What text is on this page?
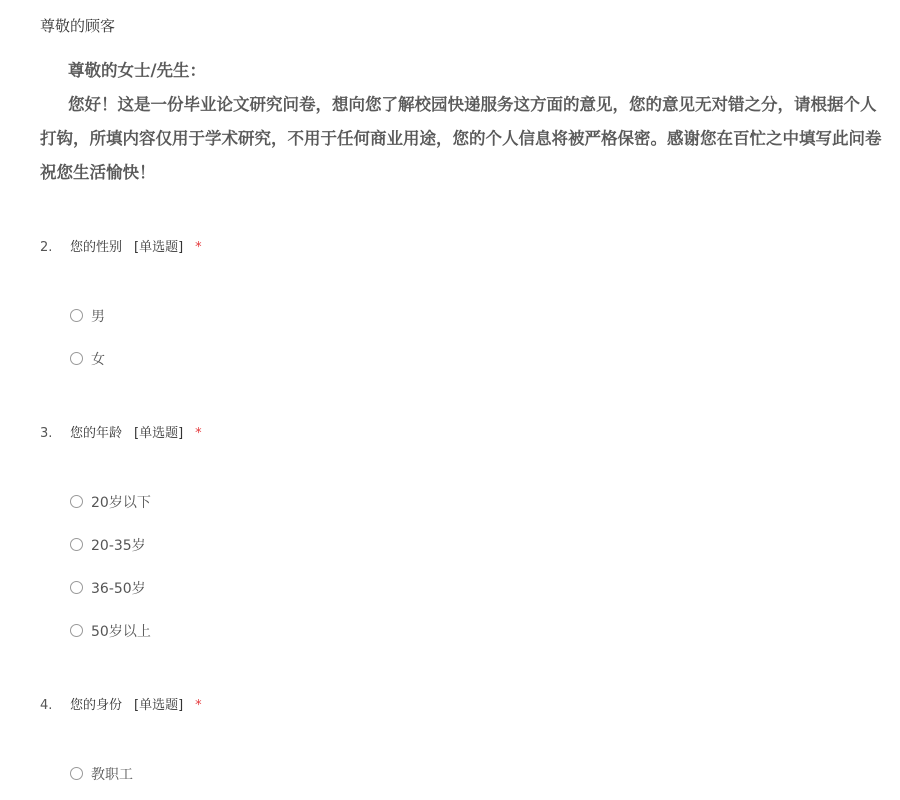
尊敬的顾客
尊敬的女士/先生：
您好！这是一份毕业论文研究问卷，想向您了解校园快递服务这方面的意见，您的意见无对错之分，请根据个人
打钩，所填内容仅用于学术研究，不用于任何商业用途，您的个人信息将被严格保密。感谢您在百忙之中填写此问卷
祝您生活愉快！
2. 您的性别 [单选题] *
男
女
3. 您的年龄 [单选题] *
20岁以下
20-35岁
36-50岁
50岁以上
4. 您的身份 [单选题] *
教职工
